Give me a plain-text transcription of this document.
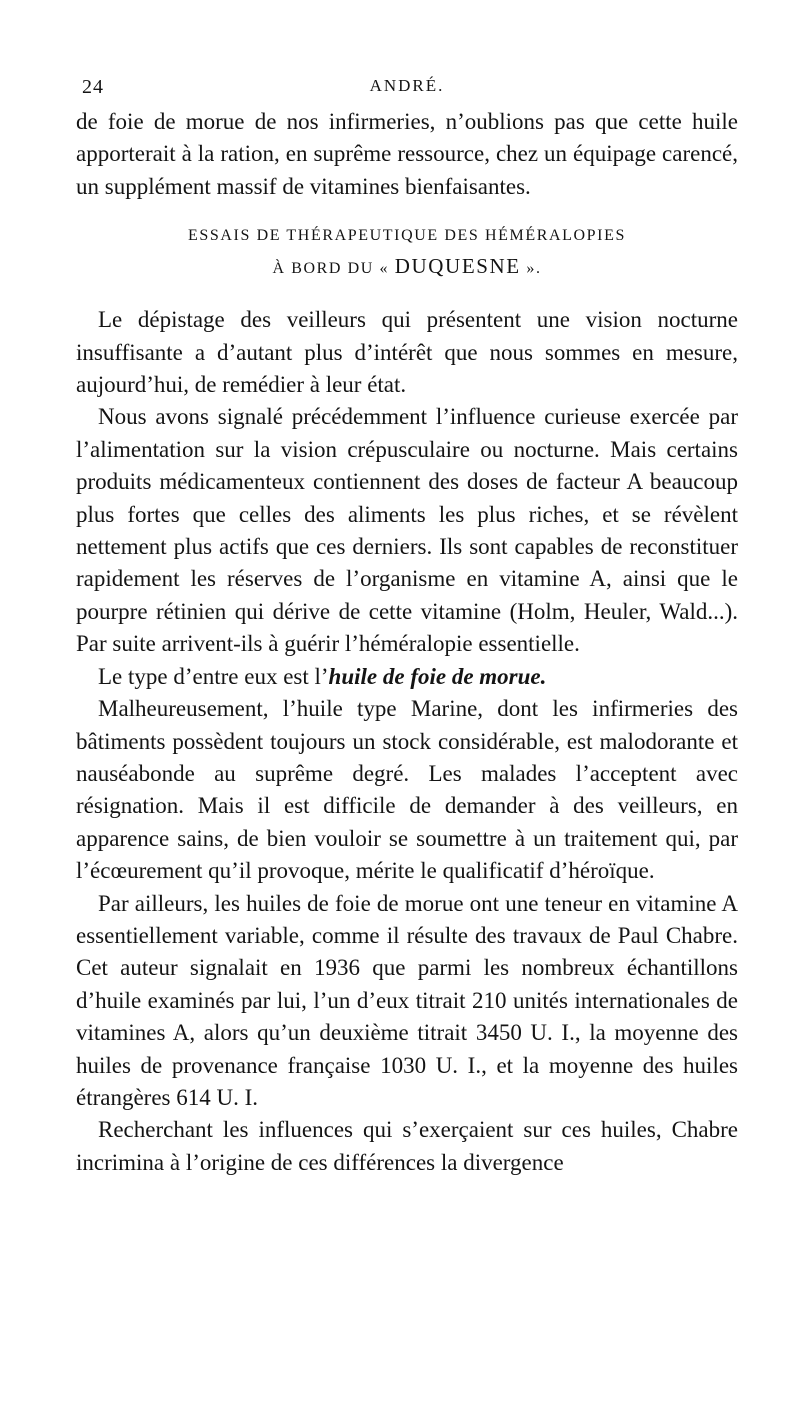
24	ANDRÉ.

de foie de morue de nos infirmeries, n’oublions pas que cette huile apporterait à la ration, en suprême ressource, chez un équipage carencé, un supplément massif de vitamines bienfaisantes.

ESSAIS DE THÉRAPEUTIQUE DES HÉMÉRALOPIES
À BORD DU « DUQUESNE ».

Le dépistage des veilleurs qui présentent une vision nocturne insuffisante a d’autant plus d’intérêt que nous sommes en mesure, aujourd’hui, de remédier à leur état.

Nous avons signalé précédemment l’influence curieuse exercée par l’alimentation sur la vision crépusculaire ou nocturne. Mais certains produits médicamenteux contiennent des doses de facteur A beaucoup plus fortes que celles des aliments les plus riches, et se révèlent nettement plus actifs que ces derniers. Ils sont capables de reconstituer rapidement les réserves de l’organisme en vitamine A, ainsi que le pourpre rétinien qui dérive de cette vitamine (Holm, Heuler, Wald...). Par suite arrivent-ils à guérir l’héméralopie essentielle.

Le type d’entre eux est l’huile de foie de morue.

Malheureusement, l’huile type Marine, dont les infirmeries des bâtiments possèdent toujours un stock considérable, est malodorante et nauséabonde au suprême degré. Les malades l’acceptent avec résignation. Mais il est difficile de demander à des veilleurs, en apparence sains, de bien vouloir se soumettre à un traitement qui, par l’écœurement qu’il provoque, mérite le qualificatif d’héroïque.

Par ailleurs, les huiles de foie de morue ont une teneur en vitamine A essentiellement variable, comme il résulte des travaux de Paul Chabre. Cet auteur signalait en 1936 que parmi les nombreux échantillons d’huile examinés par lui, l’un d’eux titrait 210 unités internationales de vitamines A, alors qu’un deuxième titrait 3450 U. I., la moyenne des huiles de provenance française 1030 U. I., et la moyenne des huiles étrangères 614 U. I.

Recherchant les influences qui s’exerçaient sur ces huiles, Chabre incrimina à l’origine de ces différences la divergence
